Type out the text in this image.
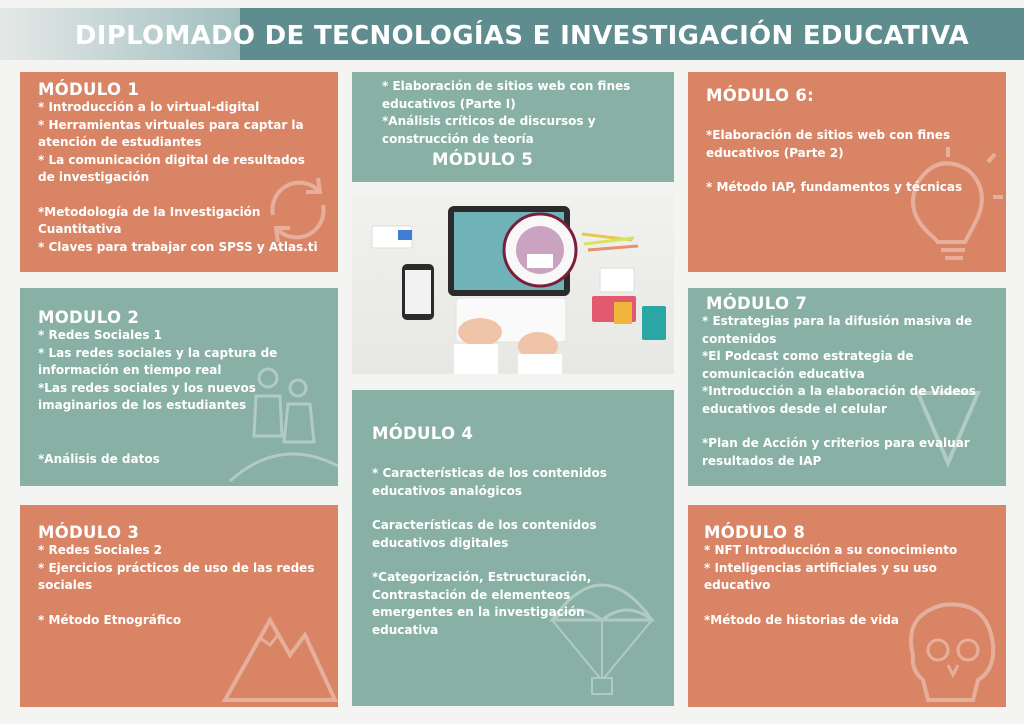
DIPLOMADO DE TECNOLOGÍAS E INVESTIGACIÓN EDUCATIVA
MÓDULO 1

* Introducción a lo virtual-digital

* Herramientas virtuales para captar la atención de estudiantes

* La comunicación digital de resultados de investigación

*Metodología de la Investigación Cuantitativa

* Claves para trabajar con SPSS y Atlas.ti

MODULO 2

* Redes Sociales 1

* Las redes sociales y la captura de información en tiempo real

*Las redes sociales y los nuevos imaginarios de los estudiantes

*Análisis de datos

MÓDULO 3

* Redes Sociales 2

* Ejercicios prácticos de uso de las redes sociales

* Método Etnográfico

* Elaboración de sitios web con fines educativos (Parte I)

*Análisis críticos de discursos y construcción de teoría

MÓDULO 5
MÓDULO 4

* Características de los contenidos educativos analógicos

Características de los contenidos educativos digitales

*Categorización, Estructuración, Contrastación de elementeos emergentes en la investigación educativa

MÓDULO 6:

*Elaboración de sitios web con fines educativos (Parte 2)

* Método IAP, fundamentos y técnicas

MÓDULO 7

* Estrategias para la difusión masiva de contenidos

*El Podcast como estrategia de comunicación educativa

*Introducción a la elaboración de Videos educativos desde el celular

*Plan de Acción y criterios para evaluar resultados de IAP

MÓDULO 8

* NFT Introducción a su conocimiento

* Inteligencias artificiales y su uso educativo

*Método de historias de vida
